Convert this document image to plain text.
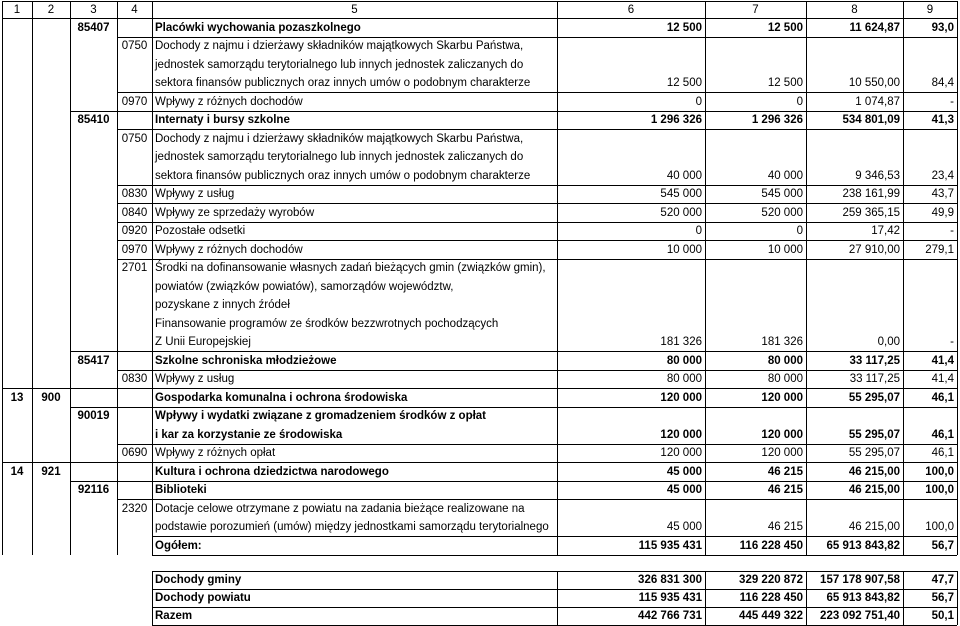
1	2	3	4	5	6	7	8	9
85407	Placówki wychowania pozaszkolnego	12 500	12 500	11 624,87	93,0
0750 Dochody z najmu i dzierżawy składników majątkowych Skarbu Państwa,
jednostek samorządu terytorialnego lub innych jednostek zaliczanych do
sektora finansów publicznych oraz innych umów o podobnym charakterze	12 500	12 500	10 550,00	84,4
0970 Wpływy z różnych dochodów	0	0	1 074,87	-
85410	Internaty i bursy szkolne	1 296 326	1 296 326	534 801,09	41,3
0750 Dochody z najmu i dzierżawy składników majątkowych Skarbu Państwa,
jednostek samorządu terytorialnego lub innych jednostek zaliczanych do
sektora finansów publicznych oraz innych umów o podobnym charakterze	40 000	40 000	9 346,53	23,4
0830 Wpływy z usług	545 000	545 000	238 161,99	43,7
0840 Wpływy ze sprzedaży wyrobów	520 000	520 000	259 365,15	49,9
0920 Pozostałe odsetki	0	0	17,42	-
0970 Wpływy z różnych dochodów	10 000	10 000	27 910,00	279,1
2701 Środki na dofinansowanie własnych zadań bieżących gmin (związków gmin),
powiatów (związków powiatów), samorządów województw,
pozyskane z innych źródeł
Finansowanie programów ze środków bezzwrotnych pochodzących
Z Unii Europejskiej	181 326	181 326	0,00	-
85417	Szkolne schroniska młodzieżowe	80 000	80 000	33 117,25	41,4
0830 Wpływy z usług	80 000	80 000	33 117,25	41,4
13	900	Gospodarka komunalna i ochrona środowiska	120 000	120 000	55 295,07	46,1
90019	Wpływy i wydatki związane z gromadzeniem środków z opłat
i kar za korzystanie ze środowiska	120 000	120 000	55 295,07	46,1
0690 Wpływy z różnych opłat	120 000	120 000	55 295,07	46,1
14	921	Kultura i ochrona dziedzictwa narodowego	45 000	46 215	46 215,00	100,0
92116	Biblioteki	45 000	46 215	46 215,00	100,0
2320 Dotacje celowe otrzymane z powiatu na zadania bieżące realizowane na
podstawie porozumień (umów) między jednostkami samorządu terytorialnego	45 000	46 215	46 215,00	100,0
Ogółem:	115 935 431	116 228 450	65 913 843,82	56,7
Dochody gminy	326 831 300	329 220 872	157 178 907,58	47,7
Dochody powiatu	115 935 431	116 228 450	65 913 843,82	56,7
Razem	442 766 731	445 449 322	223 092 751,40	50,1
